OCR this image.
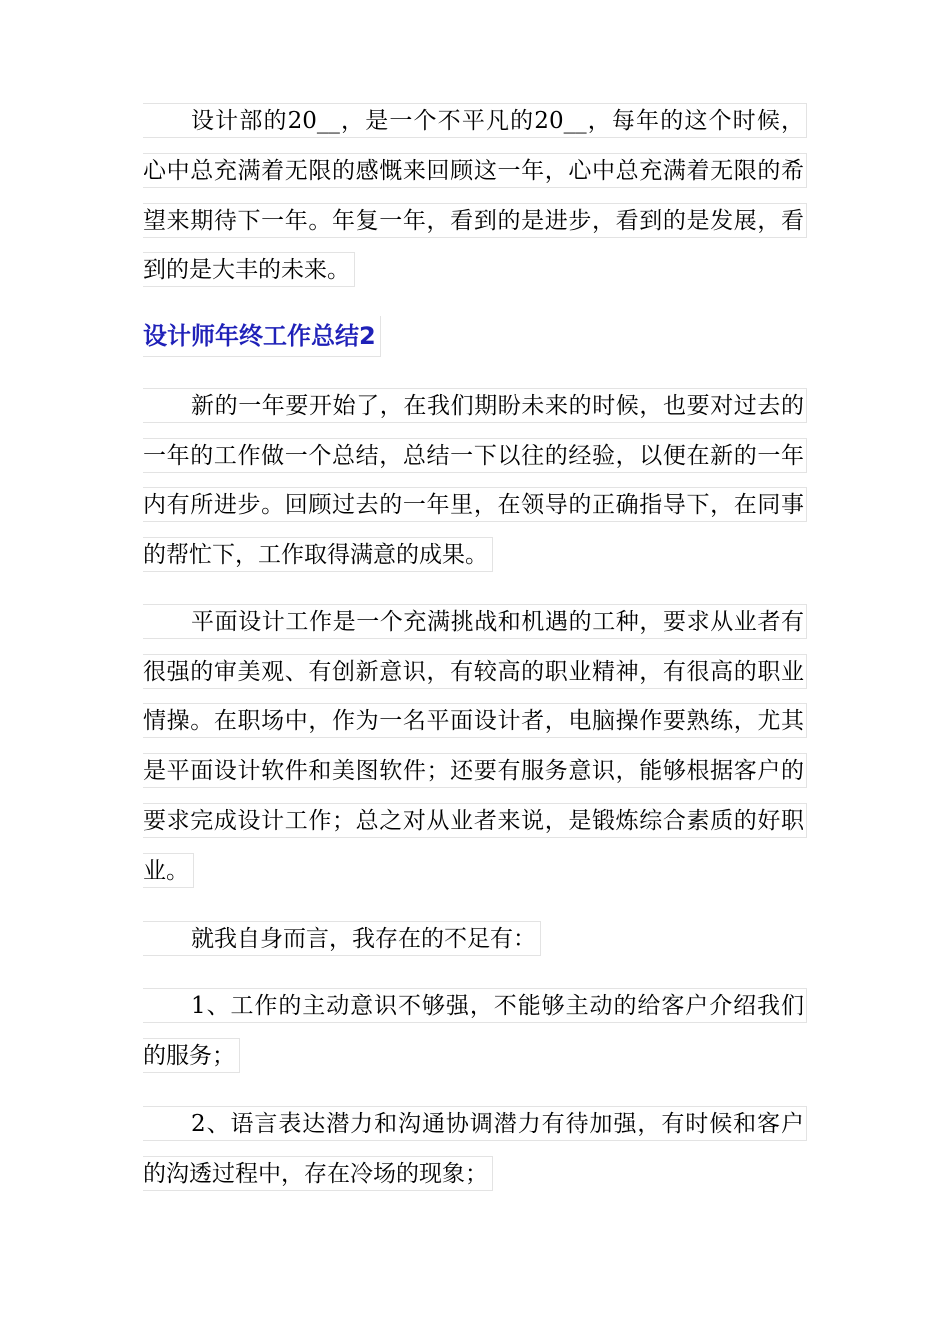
设计部的20__，是一个不平凡的20__，每年的这个时候，
心中总充满着无限的感慨来回顾这一年，心中总充满着无限的希
望来期待下一年。年复一年，看到的是进步，看到的是发展，看
到的是大丰的未来。
设计师年终工作总结2
新的一年要开始了，在我们期盼未来的时候，也要对过去的
一年的工作做一个总结，总结一下以往的经验，以便在新的一年
内有所进步。回顾过去的一年里，在领导的正确指导下，在同事
的帮忙下，工作取得满意的成果。
平面设计工作是一个充满挑战和机遇的工种，要求从业者有
很强的审美观、有创新意识，有较高的职业精神，有很高的职业
情操。在职场中，作为一名平面设计者，电脑操作要熟练，尤其
是平面设计软件和美图软件；还要有服务意识，能够根据客户的
要求完成设计工作；总之对从业者来说，是锻炼综合素质的好职
业。
就我自身而言，我存在的不足有：
1、工作的主动意识不够强，不能够主动的给客户介绍我们
的服务；
2、语言表达潜力和沟通协调潜力有待加强，有时候和客户
的沟透过程中，存在冷场的现象；
